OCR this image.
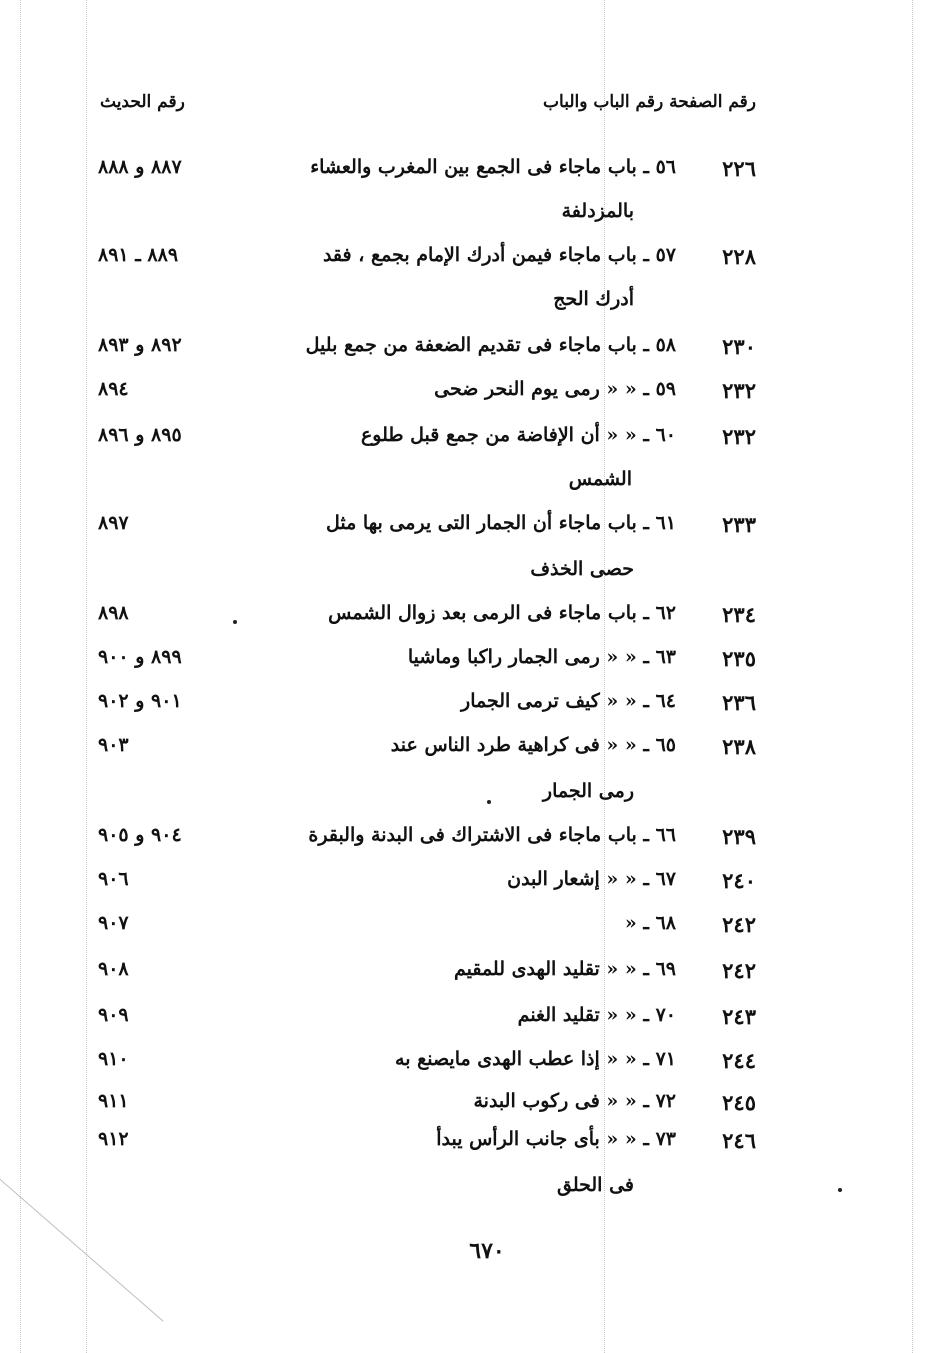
رقم الحديث	رقم الصفحة رقم الباب والباب
٢٢٦
٥٦ ـ باب ماجاء فى الجمع بين المغرب والعشاء
٨٨٧ و ٨٨٨
بالمزدلفة
٢٢٨
٥٧ ـ باب ماجاء فيمن أدرك الإمام بجمع ، فقد
٨٨٩ ـ ٨٩١
أدرك الحج
٢٣٠
٥٨ ـ باب ماجاء فى تقديم الضعفة من جمع بليل
٨٩٢ و ٨٩٣
٢٣٢
٥٩ ـ « « رمى يوم النحر ضحى
٨٩٤
٢٣٢
٦٠ ـ « « أن الإفاضة من جمع قبل طلوع
٨٩٥ و ٨٩٦
الشمس
٢٣٣
٦١ ـ باب ماجاء أن الجمار التى يرمى بها مثل
٨٩٧
حصى الخذف
٢٣٤
٦٢ ـ باب ماجاء فى الرمى بعد زوال الشمس
٨٩٨
٢٣٥
٦٣ ـ « « رمى الجمار راكبا وماشيا
٨٩٩ و ٩٠٠
٢٣٦
٦٤ ـ « « كيف ترمى الجمار
٩٠١ و ٩٠٢
٢٣٨
٦٥ ـ « « فى كراهية طرد الناس عند
٩٠٣
رمى الجمار
٢٣٩
٦٦ ـ باب ماجاء فى الاشتراك فى البدنة والبقرة
٩٠٤ و ٩٠٥
٢٤٠
٦٧ ـ « « إشعار البدن
٩٠٦
٢٤٢
٦٨ ـ «
٩٠٧
٢٤٢
٦٩ ـ « « تقليد الهدى للمقيم
٩٠٨
٢٤٣
٧٠ ـ « « تقليد الغنم
٩٠٩
٢٤٤
٧١ ـ « « إذا عطب الهدى مايصنع به
٩١٠
٢٤٥
٧٢ ـ « « فى ركوب البدنة
٩١١
٢٤٦
٧٣ ـ « « بأى جانب الرأس يبدأ
٩١٢
فى الحلق
٦٧٠
